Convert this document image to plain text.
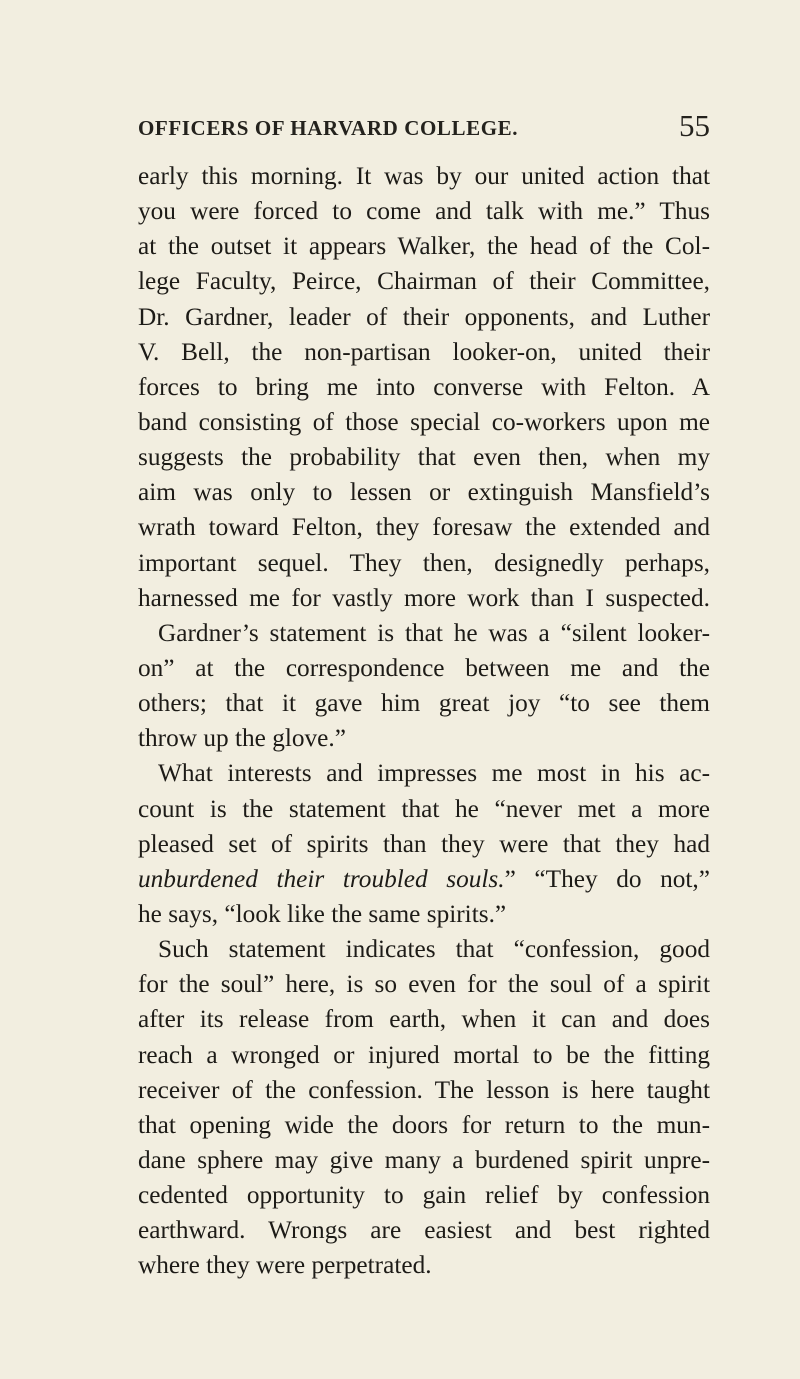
OFFICERS OF HARVARD COLLEGE.	55
early this morning. It was by our united action that
you were forced to come and talk with me.” Thus
at the outset it appears Walker, the head of the Col-
lege Faculty, Peirce, Chairman of their Committee,
Dr. Gardner, leader of their opponents, and Luther
V. Bell, the non-partisan looker-on, united their
forces to bring me into converse with Felton. A
band consisting of those special co-workers upon me
suggests the probability that even then, when my
aim was only to lessen or extinguish Mansfield’s
wrath toward Felton, they foresaw the extended and
important sequel. They then, designedly perhaps,
harnessed me for vastly more work than I suspected.
Gardner’s statement is that he was a “silent looker-
on” at the correspondence between me and the
others; that it gave him great joy “to see them
throw up the glove.”
What interests and impresses me most in his ac-
count is the statement that he “never met a more
pleased set of spirits than they were that they had
unburdened their troubled souls.” “They do not,”
he says, “look like the same spirits.”
Such statement indicates that “confession, good
for the soul” here, is so even for the soul of a spirit
after its release from earth, when it can and does
reach a wronged or injured mortal to be the fitting
receiver of the confession. The lesson is here taught
that opening wide the doors for return to the mun-
dane sphere may give many a burdened spirit unpre-
cedented opportunity to gain relief by confession
earthward. Wrongs are easiest and best righted
where they were perpetrated.
